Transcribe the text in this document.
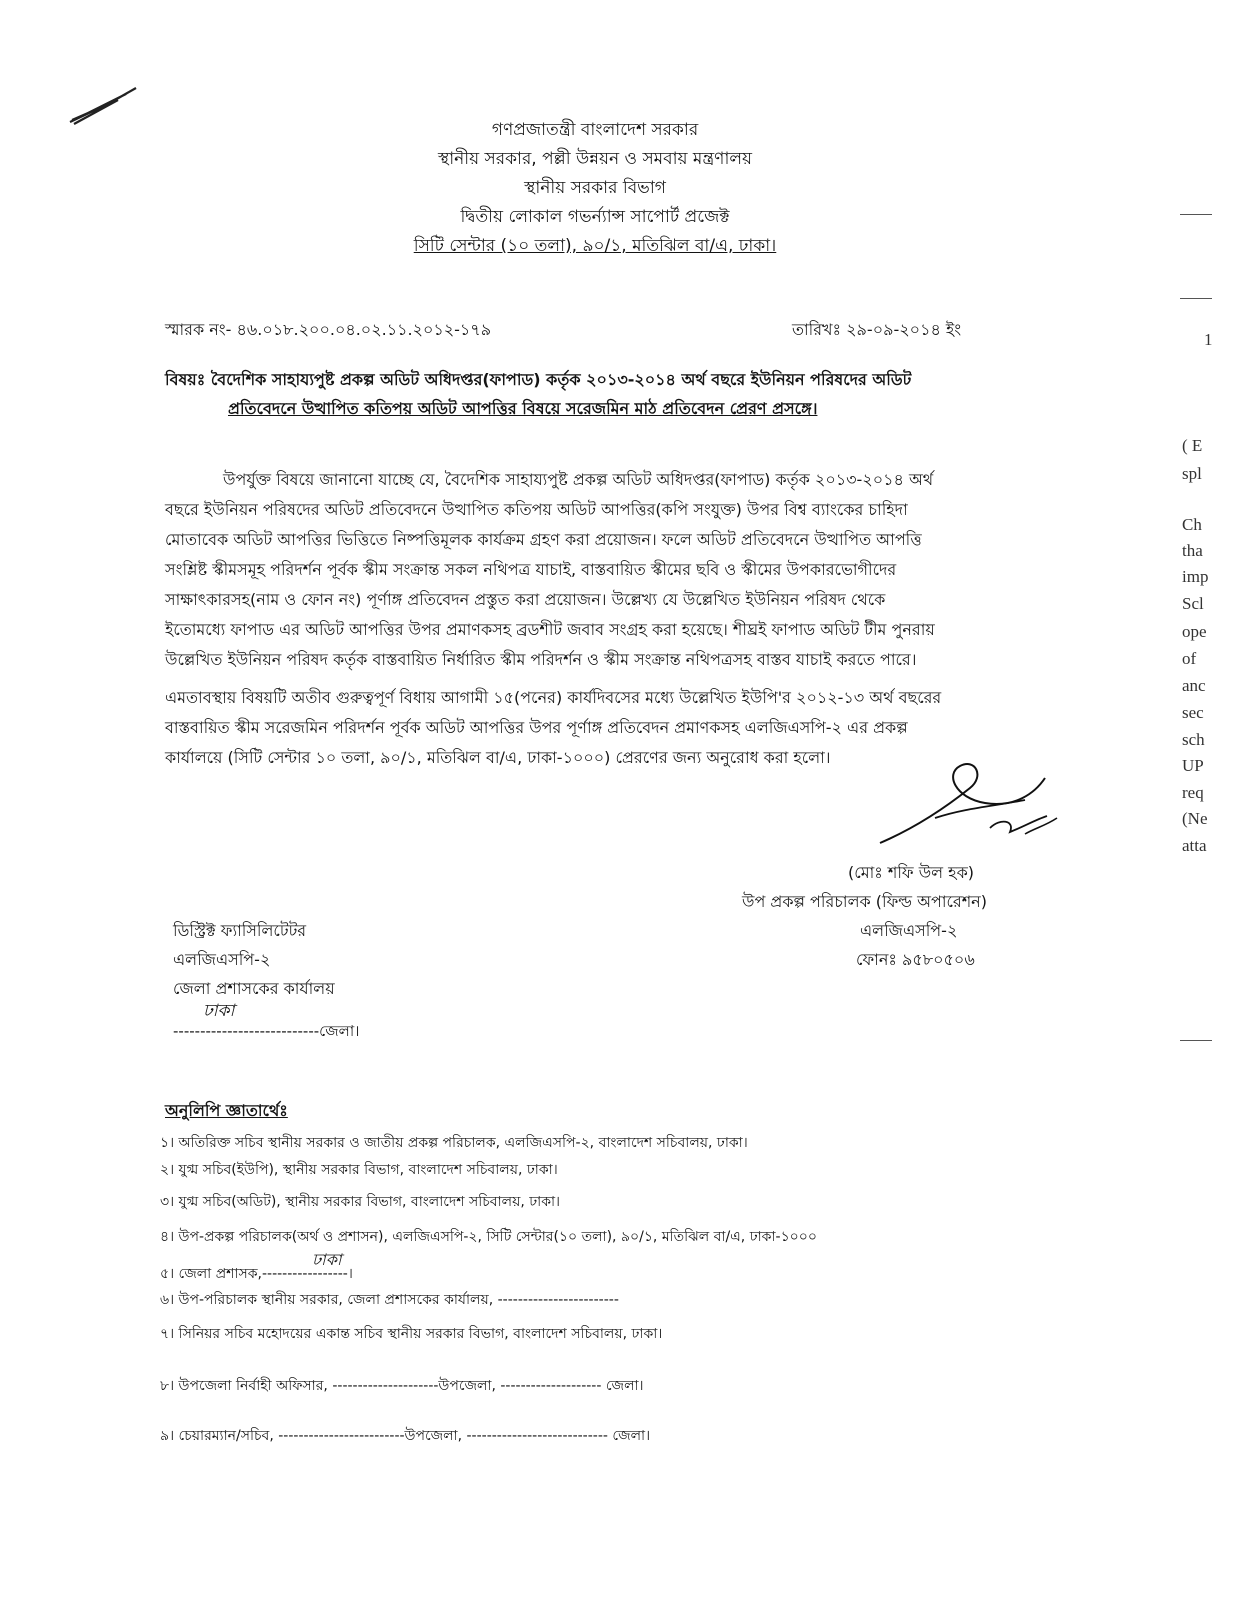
গণপ্রজাতন্ত্রী বাংলাদেশ সরকার
স্থানীয় সরকার, পল্লী উন্নয়ন ও সমবায় মন্ত্রণালয়
স্থানীয় সরকার বিভাগ
দ্বিতীয় লোকাল গভর্ন্যান্স সাপোর্ট প্রজেক্ট
সিটি সেন্টার (১০ তলা), ৯০/১, মতিঝিল বা/এ, ঢাকা।
স্মারক নং- ৪৬.০১৮.২০০.০৪.০২.১১.২০১২-১৭৯	তারিখঃ ২৯-০৯-২০১৪ ইং
বিষয়ঃ বৈদেশিক সাহায্যপুষ্ট প্রকল্প অডিট অধিদপ্তর(ফাপাড) কর্তৃক ২০১৩-২০১৪ অর্থ বছরে ইউনিয়ন পরিষদের অডিট
প্রতিবেদনে উত্থাপিত কতিপয় অডিট আপত্তির বিষয়ে সরেজমিন মাঠ প্রতিবেদন প্রেরণ প্রসঙ্গে।
উপর্যুক্ত বিষয়ে জানানো যাচ্ছে যে, বৈদেশিক সাহায্যপুষ্ট প্রকল্প অডিট অধিদপ্তর(ফাপাড) কর্তৃক ২০১৩-২০১৪ অর্থ
বছরে ইউনিয়ন পরিষদের অডিট প্রতিবেদনে উত্থাপিত কতিপয় অডিট আপত্তির(কপি সংযুক্ত) উপর বিশ্ব ব্যাংকের চাহিদা
মোতাবেক অডিট আপত্তির ভিত্তিতে নিষ্পত্তিমূলক কার্যক্রম গ্রহণ করা প্রয়োজন। ফলে অডিট প্রতিবেদনে উত্থাপিত আপত্তি
সংশ্লিষ্ট স্কীমসমূহ পরিদর্শন পূর্বক স্কীম সংক্রান্ত সকল নথিপত্র যাচাই, বাস্তবায়িত স্কীমের ছবি ও স্কীমের উপকারভোগীদের
সাক্ষাৎকারসহ(নাম ও ফোন নং) পূর্ণাঙ্গ প্রতিবেদন প্রস্তুত করা প্রয়োজন। উল্লেখ্য যে উল্লেখিত ইউনিয়ন পরিষদ থেকে
ইতোমধ্যে ফাপাড এর অডিট আপত্তির উপর প্রমাণকসহ ব্রডশীট জবাব সংগ্রহ করা হয়েছে। শীঘ্রই ফাপাড অডিট টীম পুনরায়
উল্লেখিত ইউনিয়ন পরিষদ কর্তৃক বাস্তবায়িত নির্ধারিত স্কীম পরিদর্শন ও স্কীম সংক্রান্ত নথিপত্রসহ বাস্তব যাচাই করতে পারে।
এমতাবস্থায় বিষয়টি অতীব গুরুত্বপূর্ণ বিধায় আগামী ১৫(পনের) কার্যদিবসের মধ্যে উল্লেখিত ইউপি'র ২০১২-১৩ অর্থ বছরের
বাস্তবায়িত স্কীম সরেজমিন পরিদর্শন পূর্বক অডিট আপত্তির উপর পূর্ণাঙ্গ প্রতিবেদন প্রমাণকসহ এলজিএসপি-২ এর প্রকল্প
কার্যালয়ে (সিটি সেন্টার ১০ তলা, ৯০/১, মতিঝিল বা/এ, ঢাকা-১০০০) প্রেরণের জন্য অনুরোধ করা হলো।
(মোঃ শফি উল হক)
উপ প্রকল্প পরিচালক (ফিল্ড অপারেশন)
এলজিএসপি-২
ফোনঃ ৯৫৮০৫০৬
ডিস্ট্রিক্ট ফ্যাসিলিটেটর
এলজিএসপি-২
জেলা প্রশাসকের কার্যালয়
ঢাকা
---------------------------জেলা।
অনুলিপি জ্ঞাতার্থেঃ
১। অতিরিক্ত সচিব স্থানীয় সরকার ও জাতীয় প্রকল্প পরিচালক, এলজিএসপি-২, বাংলাদেশ সচিবালয়, ঢাকা।
২। যুগ্ম সচিব(ইউপি), স্থানীয় সরকার বিভাগ, বাংলাদেশ সচিবালয়, ঢাকা।
৩। যুগ্ম সচিব(অডিট), স্থানীয় সরকার বিভাগ, বাংলাদেশ সচিবালয়, ঢাকা।
৪। উপ-প্রকল্প পরিচালক(অর্থ ও প্রশাসন), এলজিএসপি-২, সিটি সেন্টার(১০ তলা), ৯০/১, মতিঝিল বা/এ, ঢাকা-১০০০
৫। জেলা প্রশাসক,-----------------।
ঢাকা
৬। উপ-পরিচালক স্থানীয় সরকার, জেলা প্রশাসকের কার্যালয়, ------------------------
৭। সিনিয়র সচিব মহোদয়ের একান্ত সচিব স্থানীয় সরকার বিভাগ, বাংলাদেশ সচিবালয়, ঢাকা।
৮। উপজেলা নির্বাহী অফিসার, ---------------------উপজেলা, -------------------- জেলা।
৯। চেয়ারম্যান/সচিব, -------------------------উপজেলা, ---------------------------- জেলা।
1
( E
spl
Ch
tha
imp
Scl
ope
of
anc
sec
sch
UP
req
(Ne
atta
